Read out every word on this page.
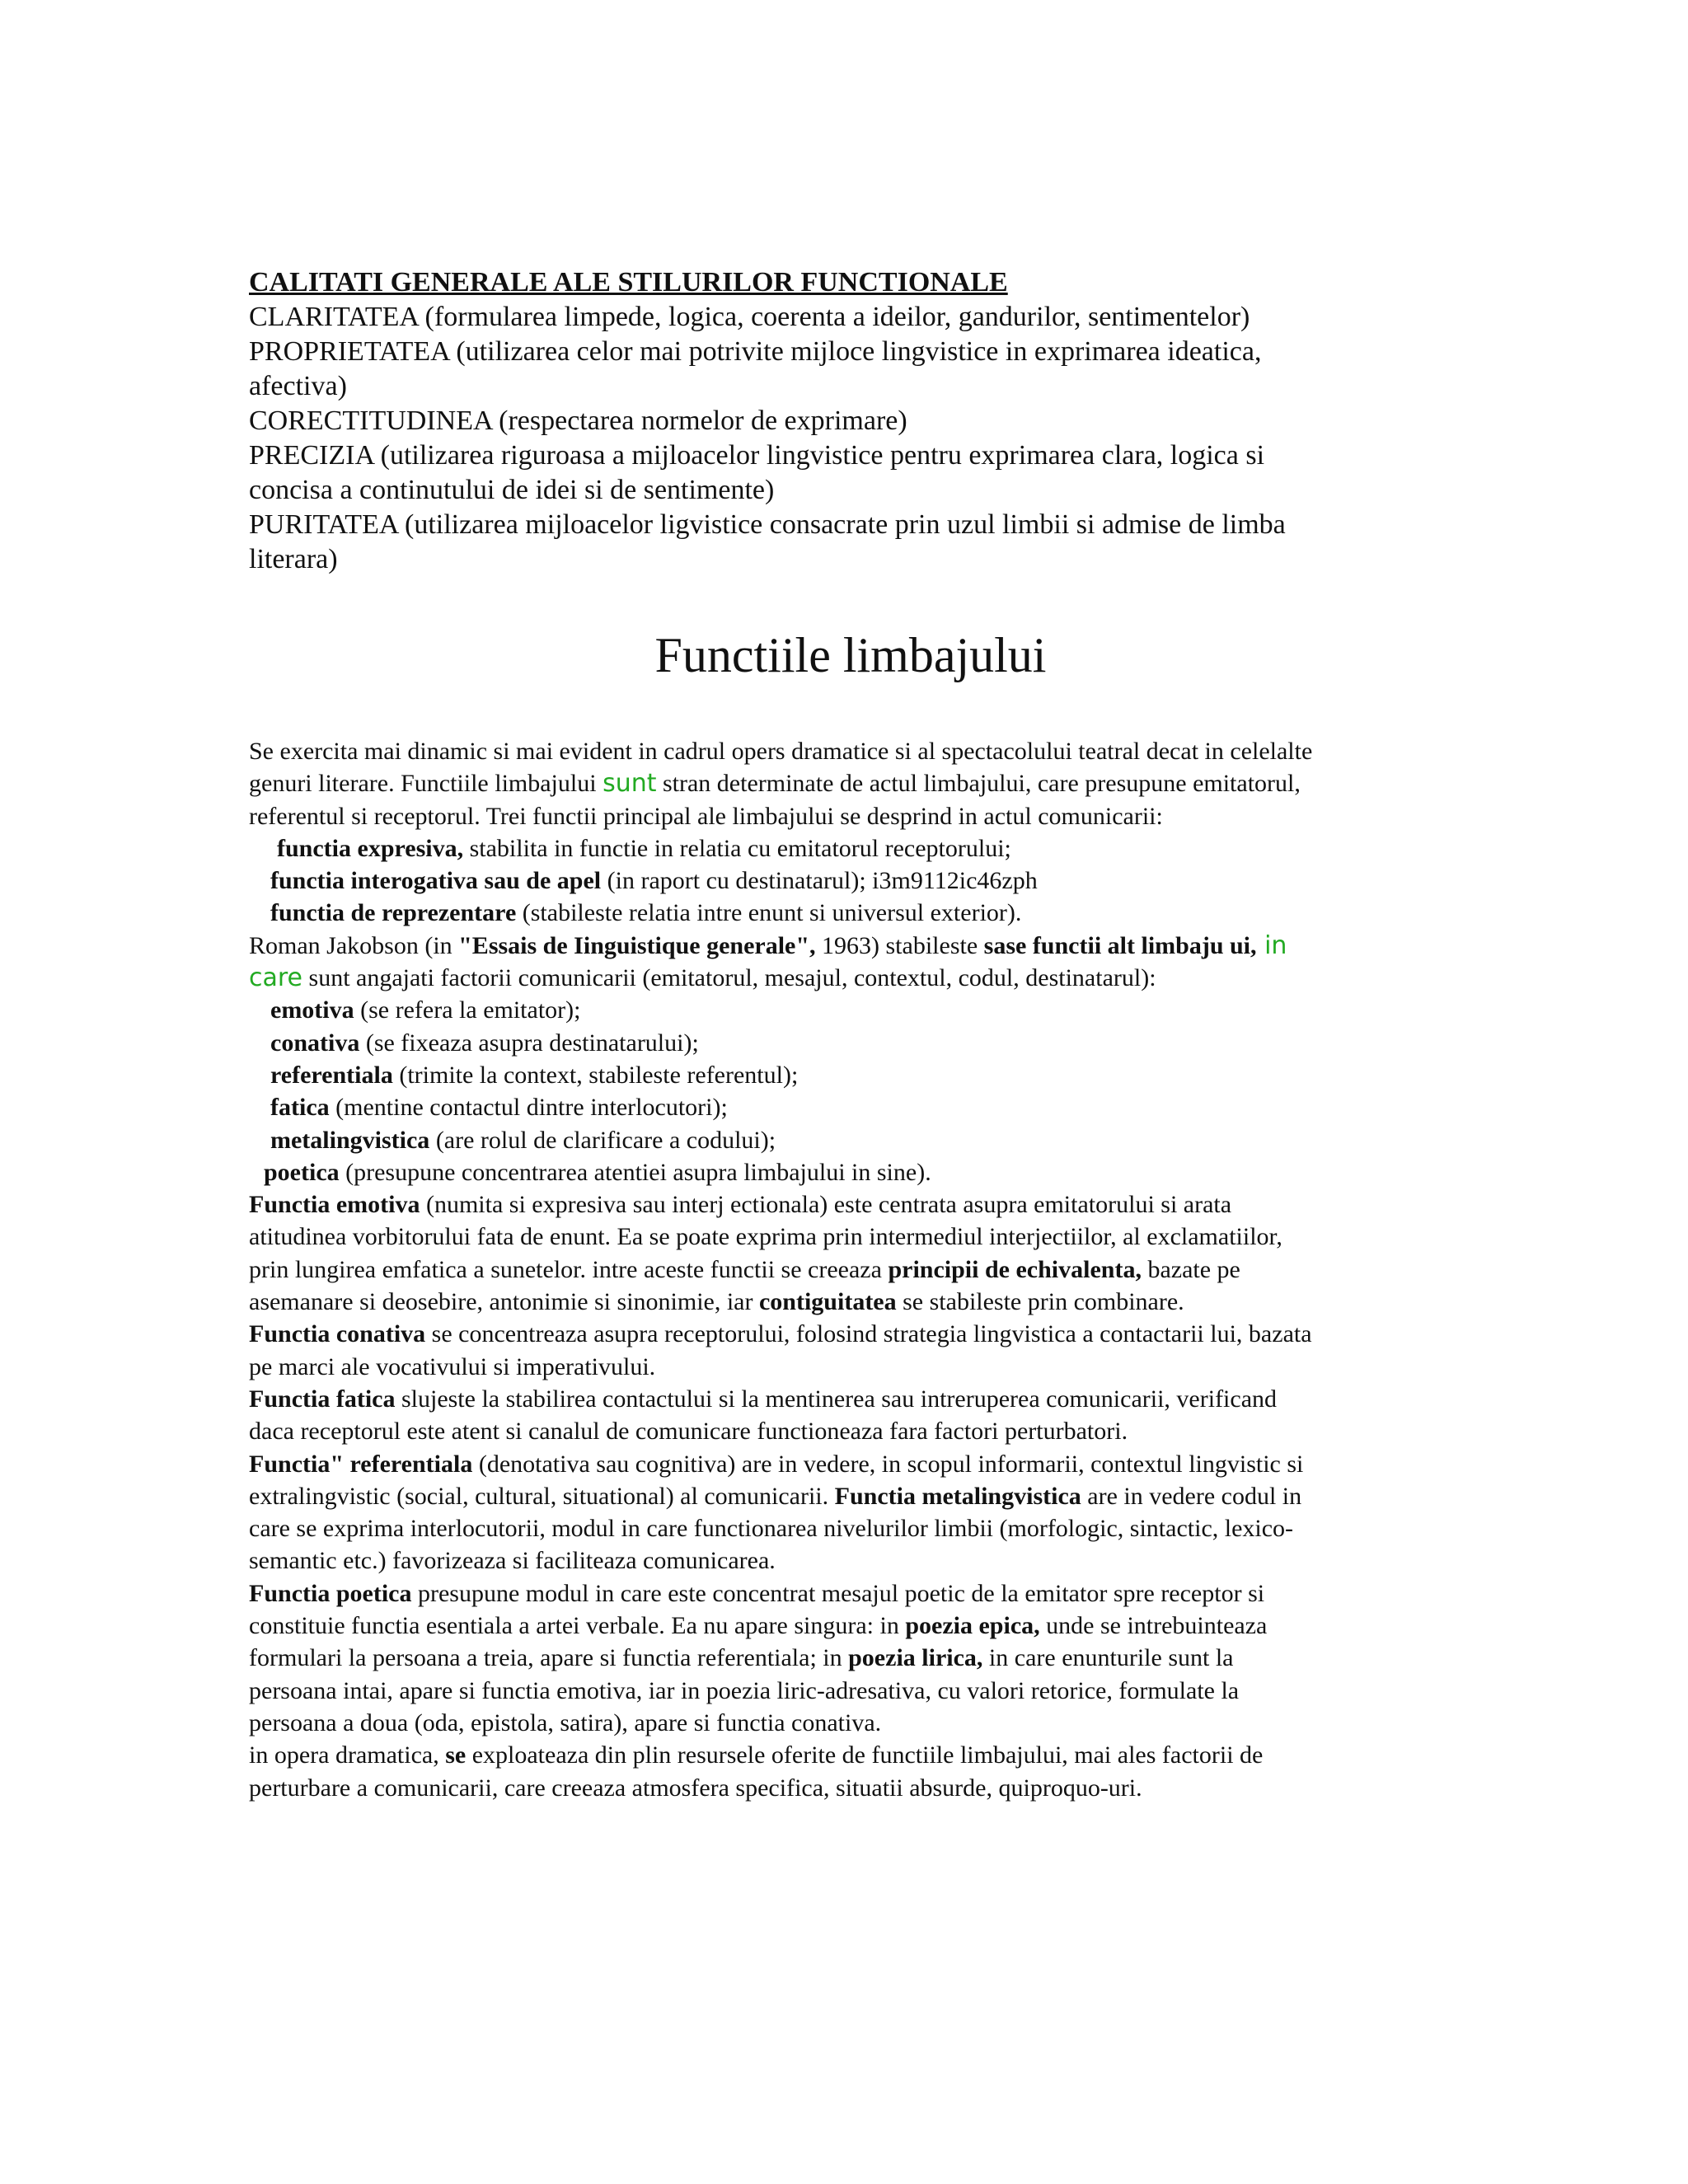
CALITATI GENERALE ALE STILURILOR FUNCTIONALE
CLARITATEA (formularea limpede, logica, coerenta a ideilor, gandurilor, sentimentelor)
PROPRIETATEA (utilizarea celor mai potrivite mijloce lingvistice in exprimarea ideatica,
afectiva)
CORECTITUDINEA (respectarea normelor de exprimare)
PRECIZIA (utilizarea riguroasa a mijloacelor lingvistice pentru exprimarea clara, logica si
concisa a continutului de idei si de sentimente)
PURITATEA (utilizarea mijloacelor ligvistice consacrate prin uzul limbii si admise de limba
literara)
Functiile limbajului
Se exercita mai dinamic si mai evident in cadrul opers dramatice si al spectacolului teatral decat in celelalte
genuri literare. Functiile limbajului sunt stran determinate de actul limbajului, care presupune emitatorul,
referentul si receptorul. Trei functii principal ale limbajului se desprind in actul comunicarii:
functia expresiva, stabilita in functie in relatia cu emitatorul receptorului;
functia interogativa sau de apel (in raport cu destinatarul); i3m9112ic46zph
functia de reprezentare (stabileste relatia intre enunt si universul exterior).
Roman Jakobson (in "Essais de Iinguistique generale", 1963) stabileste sase functii alt limbaju ui, in
care sunt angajati factorii comunicarii (emitatorul, mesajul, contextul, codul, destinatarul):
emotiva (se refera la emitator);
conativa (se fixeaza asupra destinatarului);
referentiala (trimite la context, stabileste referentul);
fatica (mentine contactul dintre interlocutori);
metalingvistica (are rolul de clarificare a codului);
poetica (presupune concentrarea atentiei asupra limbajului in sine).
Functia emotiva (numita si expresiva sau interj ectionala) este centrata asupra emitatorului si arata
atitudinea vorbitorului fata de enunt. Ea se poate exprima prin intermediul interjectiilor, al exclamatiilor,
prin lungirea emfatica a sunetelor. intre aceste functii se creeaza principii de echivalenta, bazate pe
asemanare si deosebire, antonimie si sinonimie, iar contiguitatea se stabileste prin combinare.
Functia conativa se concentreaza asupra receptorului, folosind strategia lingvistica a contactarii lui, bazata
pe marci ale vocativului si imperativului.
Functia fatica slujeste la stabilirea contactului si la mentinerea sau intreruperea comunicarii, verificand
daca receptorul este atent si canalul de comunicare functioneaza fara factori perturbatori.
Functia" referentiala (denotativa sau cognitiva) are in vedere, in scopul informarii, contextul lingvistic si
extralingvistic (social, cultural, situational) al comunicarii. Functia metalingvistica are in vedere codul in
care se exprima interlocutorii, modul in care functionarea nivelurilor limbii (morfologic, sintactic, lexico-
semantic etc.) favorizeaza si faciliteaza comunicarea.
Functia poetica presupune modul in care este concentrat mesajul poetic de la emitator spre receptor si
constituie functia esentiala a artei verbale. Ea nu apare singura: in poezia epica, unde se intrebuinteaza
formulari la persoana a treia, apare si functia referentiala; in poezia lirica, in care enunturile sunt la
persoana intai, apare si functia emotiva, iar in poezia liric-adresativa, cu valori retorice, formulate la
persoana a doua (oda, epistola, satira), apare si functia conativa.
in opera dramatica, se exploateaza din plin resursele oferite de functiile limbajului, mai ales factorii de
perturbare a comunicarii, care creeaza atmosfera specifica, situatii absurde, quiproquo-uri.
